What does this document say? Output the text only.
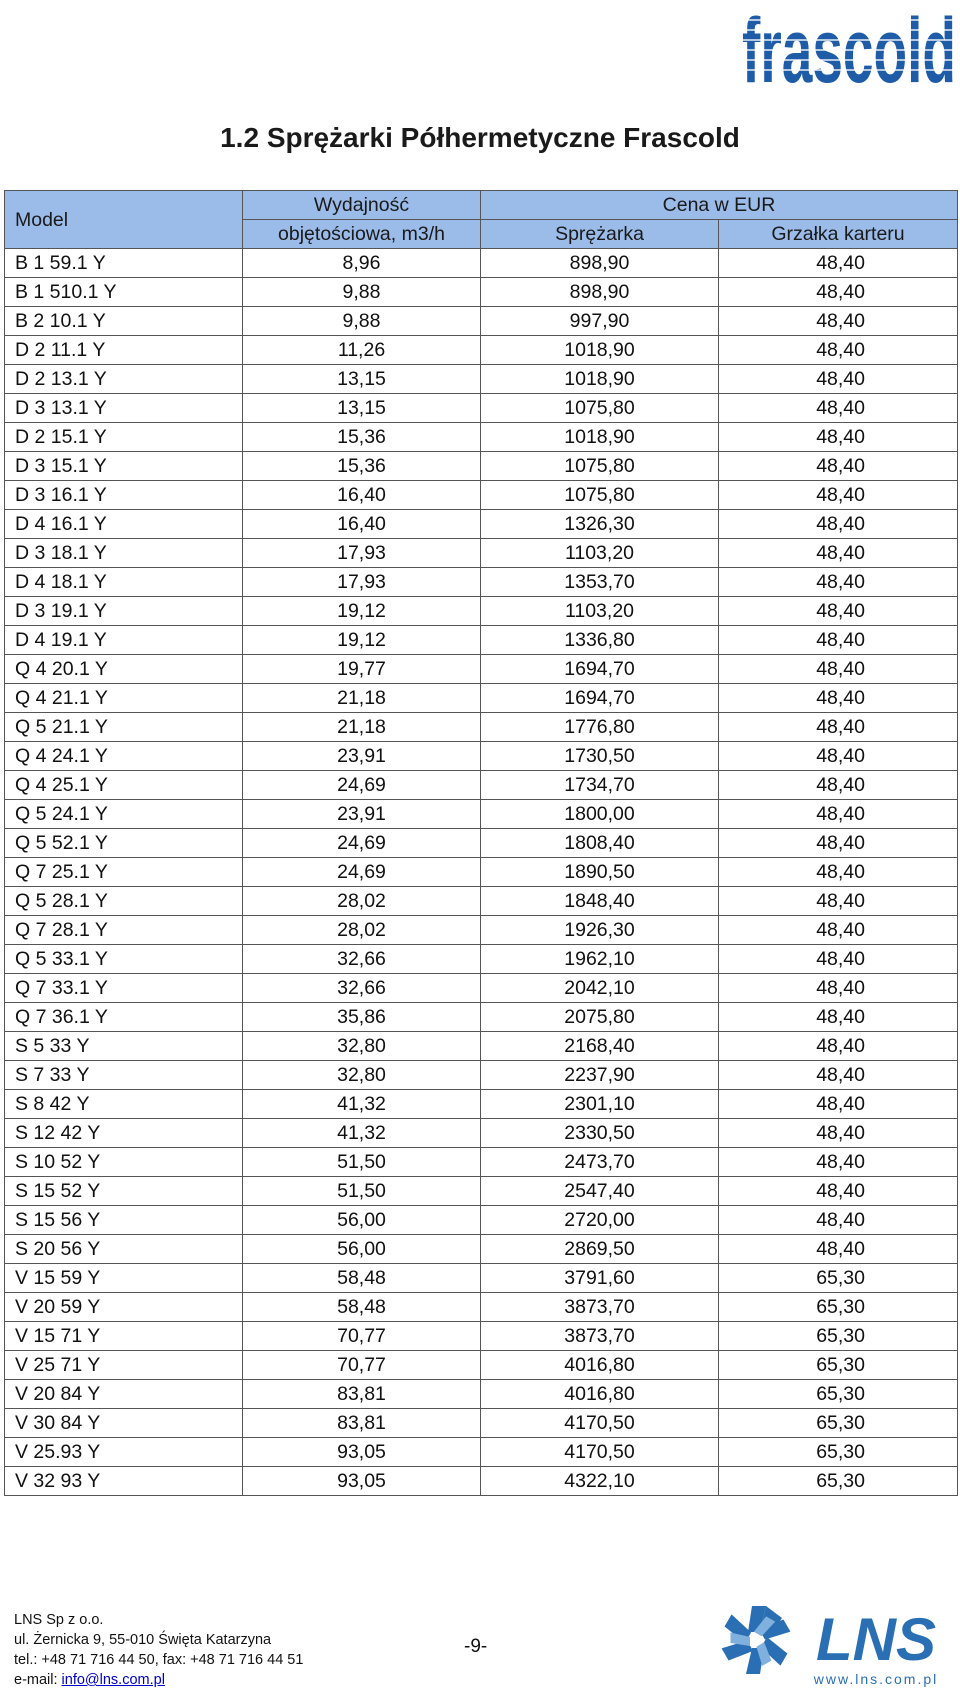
frascold
1.2 Sprężarki Półhermetyczne Frascold
Model	Wydajność	Cena w EUR	
	objętościowa, m3/h	Sprężarka	Grzałka karteru
B 1 59.1 Y	8,96	898,90	48,40
B 1 510.1 Y	9,88	898,90	48,40
B 2 10.1 Y	9,88	997,90	48,40
D 2 11.1 Y	11,26	1018,90	48,40
D 2 13.1 Y	13,15	1018,90	48,40
D 3 13.1 Y	13,15	1075,80	48,40
D 2 15.1 Y	15,36	1018,90	48,40
D 3 15.1 Y	15,36	1075,80	48,40
D 3 16.1 Y	16,40	1075,80	48,40
D 4 16.1 Y	16,40	1326,30	48,40
D 3 18.1 Y	17,93	1103,20	48,40
D 4 18.1 Y	17,93	1353,70	48,40
D 3 19.1 Y	19,12	1103,20	48,40
D 4 19.1 Y	19,12	1336,80	48,40
Q 4 20.1 Y	19,77	1694,70	48,40
Q 4 21.1 Y	21,18	1694,70	48,40
Q 5 21.1 Y	21,18	1776,80	48,40
Q 4 24.1 Y	23,91	1730,50	48,40
Q 4 25.1 Y	24,69	1734,70	48,40
Q 5 24.1 Y	23,91	1800,00	48,40
Q 5 52.1 Y	24,69	1808,40	48,40
Q 7 25.1 Y	24,69	1890,50	48,40
Q 5 28.1 Y	28,02	1848,40	48,40
Q 7 28.1 Y	28,02	1926,30	48,40
Q 5 33.1 Y	32,66	1962,10	48,40
Q 7 33.1 Y	32,66	2042,10	48,40
Q 7 36.1 Y	35,86	2075,80	48,40
S 5 33 Y	32,80	2168,40	48,40
S 7 33 Y	32,80	2237,90	48,40
S 8 42 Y	41,32	2301,10	48,40
S 12 42 Y	41,32	2330,50	48,40
S 10 52 Y	51,50	2473,70	48,40
S 15 52 Y	51,50	2547,40	48,40
S 15 56 Y	56,00	2720,00	48,40
S 20 56 Y	56,00	2869,50	48,40
V 15 59 Y	58,48	3791,60	65,30
V 20 59 Y	58,48	3873,70	65,30
V 15 71 Y	70,77	3873,70	65,30
V 25 71 Y	70,77	4016,80	65,30
V 20 84 Y	83,81	4016,80	65,30
V 30 84 Y	83,81	4170,50	65,30
V 25.93 Y	93,05	4170,50	65,30
V 32 93 Y	93,05	4322,10	65,30
LNS Sp z o.o.
ul. Żernicka 9, 55-010 Święta Katarzyna
tel.: +48 71 716 44 50, fax: +48 71 716 44 51
e-mail: info@lns.com.pl
-9-	LNS
www.lns.com.pl
